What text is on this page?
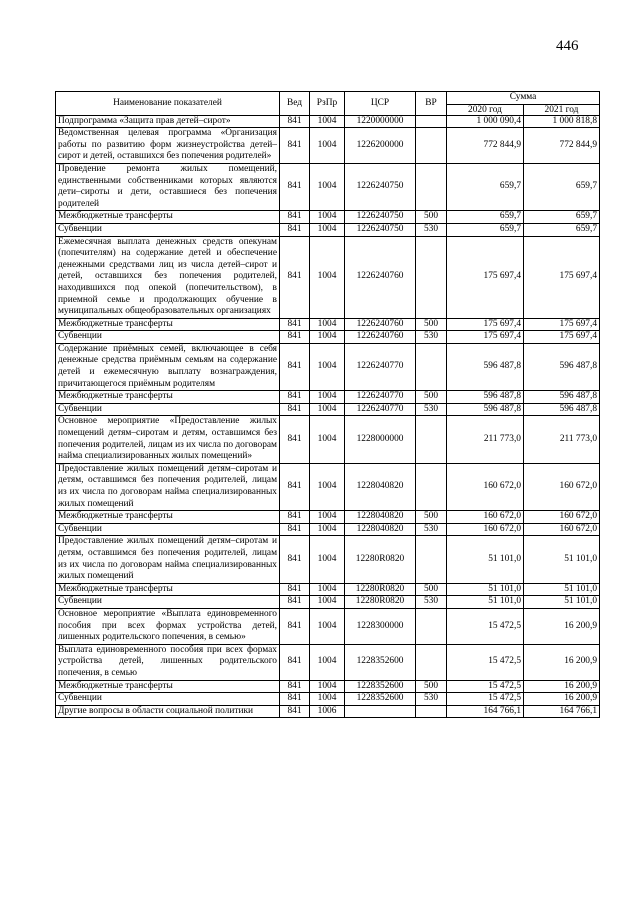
446
Наименование показателей	Вед	РзПр	ЦСР	ВР	Сумма	
					2020 год	2021 год
Подпрограмма «Защита прав детей–сирот»	841	1004	1220000000		1 000 090,4	1 000 818,8
Ведомственная целевая программа «Организация работы по развитию форм жизнеустройства детей–сирот и детей, оставшихся без попечения родителей»	841	1004	1226200000		772 844,9	772 844,9
Проведение ремонта жилых помещений, единственными собственниками которых являются дети–сироты и дети, оставшиеся без попечения родителей	841	1004	1226240750		659,7	659,7
Межбюджетные трансферты	841	1004	1226240750	500	659,7	659,7
Субвенции	841	1004	1226240750	530	659,7	659,7
Ежемесячная выплата денежных средств опекунам (попечителям) на содержание детей и обеспечение денежными средствами лиц из числа детей–сирот и детей, оставшихся без попечения родителей, находившихся под опекой (попечительством), в приемной семье и продолжающих обучение в муниципальных общеобразовательных организациях	841	1004	1226240760		175 697,4	175 697,4
Межбюджетные трансферты	841	1004	1226240760	500	175 697,4	175 697,4
Субвенции	841	1004	1226240760	530	175 697,4	175 697,4
Содержание приёмных семей, включающее в себя денежные средства приёмным семьям на содержание детей и ежемесячную выплату вознаграждения, причитающегося приёмным родителям	841	1004	1226240770		596 487,8	596 487,8
Межбюджетные трансферты	841	1004	1226240770	500	596 487,8	596 487,8
Субвенции	841	1004	1226240770	530	596 487,8	596 487,8
Основное мероприятие «Предоставление жилых помещений детям–сиротам и детям, оставшимся без попечения родителей, лицам из их числа по договорам найма специализированных жилых помещений»	841	1004	1228000000		211 773,0	211 773,0
Предоставление жилых помещений детям–сиротам и детям, оставшимся без попечения родителей, лицам из их числа по договорам найма специализированных жилых помещений	841	1004	1228040820		160 672,0	160 672,0
Межбюджетные трансферты	841	1004	1228040820	500	160 672,0	160 672,0
Субвенции	841	1004	1228040820	530	160 672,0	160 672,0
Предоставление жилых помещений детям–сиротам и детям, оставшимся без попечения родителей, лицам из их числа по договорам найма специализированных жилых помещений	841	1004	12280R0820		51 101,0	51 101,0
Межбюджетные трансферты	841	1004	12280R0820	500	51 101,0	51 101,0
Субвенции	841	1004	12280R0820	530	51 101,0	51 101,0
Основное мероприятие «Выплата единовременного пособия при всех формах устройства детей, лишенных родительского попечения, в семью»	841	1004	1228300000		15 472,5	16 200,9
Выплата единовременного пособия при всех формах устройства детей, лишенных родительского попечения, в семью	841	1004	1228352600		15 472,5	16 200,9
Межбюджетные трансферты	841	1004	1228352600	500	15 472,5	16 200,9
Субвенции	841	1004	1228352600	530	15 472,5	16 200,9
Другие вопросы в области социальной политики	841	1006			164 766,1	164 766,1
